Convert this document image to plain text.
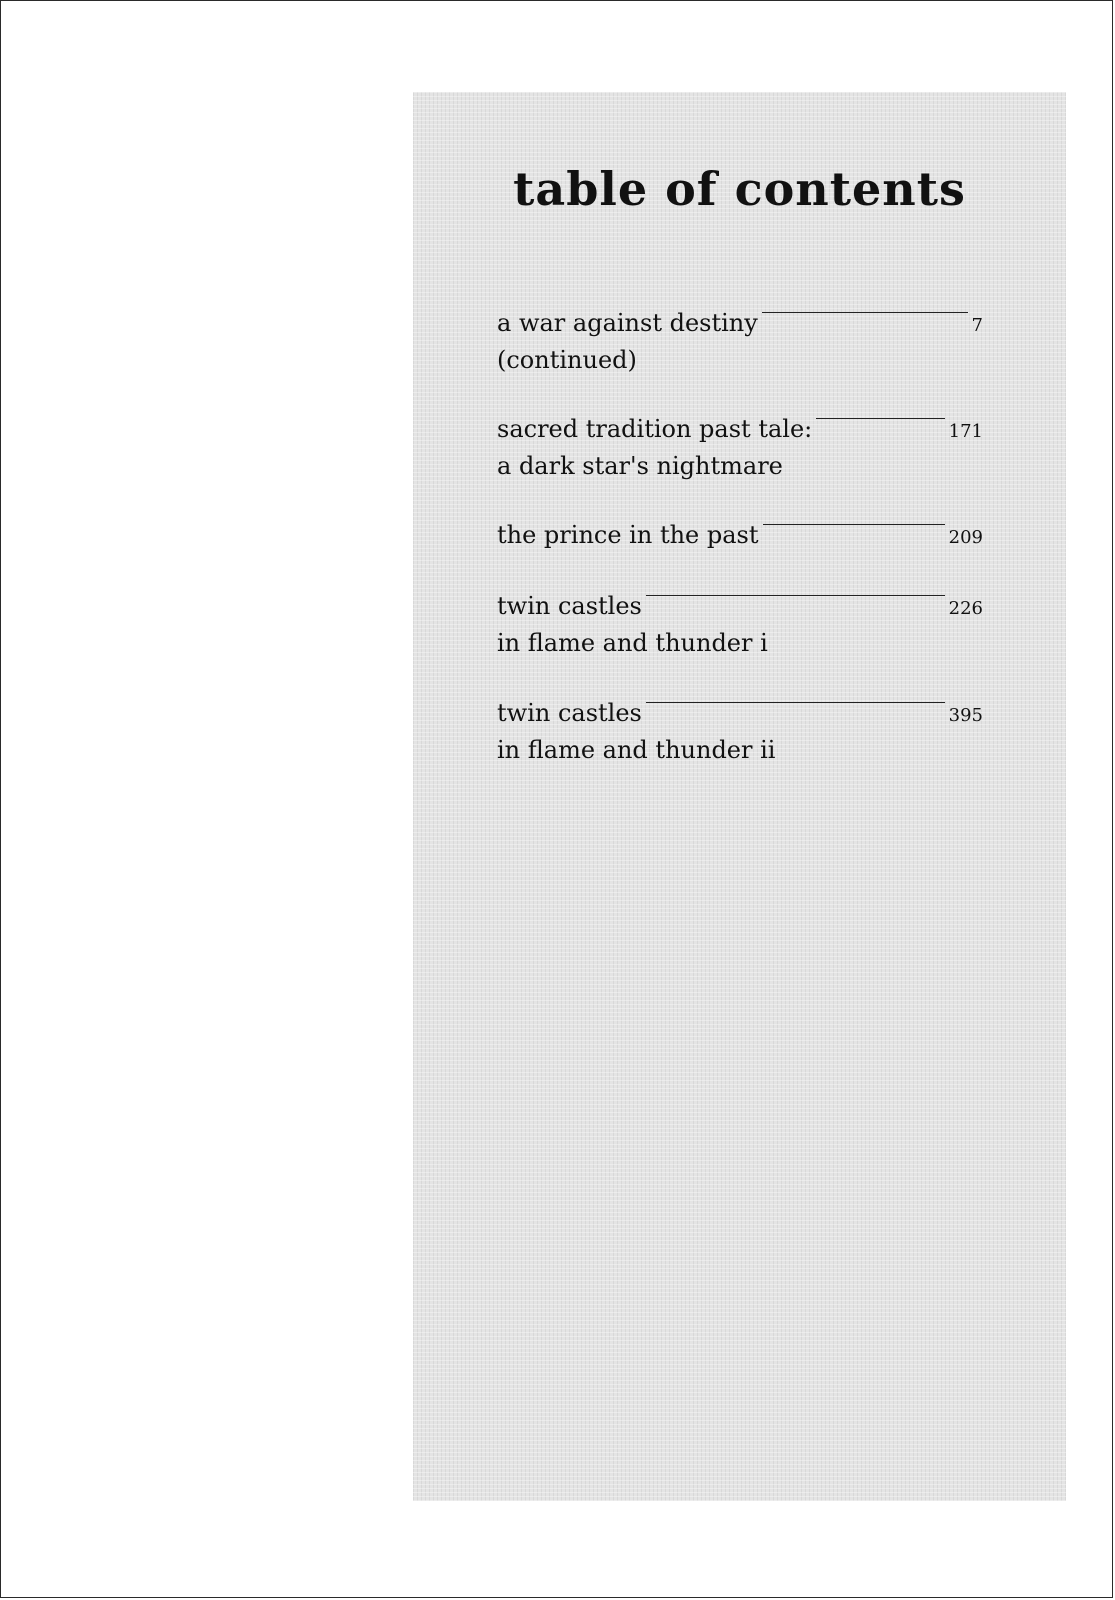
table of contents
a war against destiny	7
(continued)
sacred tradition past tale:	171
a dark star's nightmare
the prince in the past	209
twin castles	226
in flame and thunder i
twin castles	395
in flame and thunder ii
